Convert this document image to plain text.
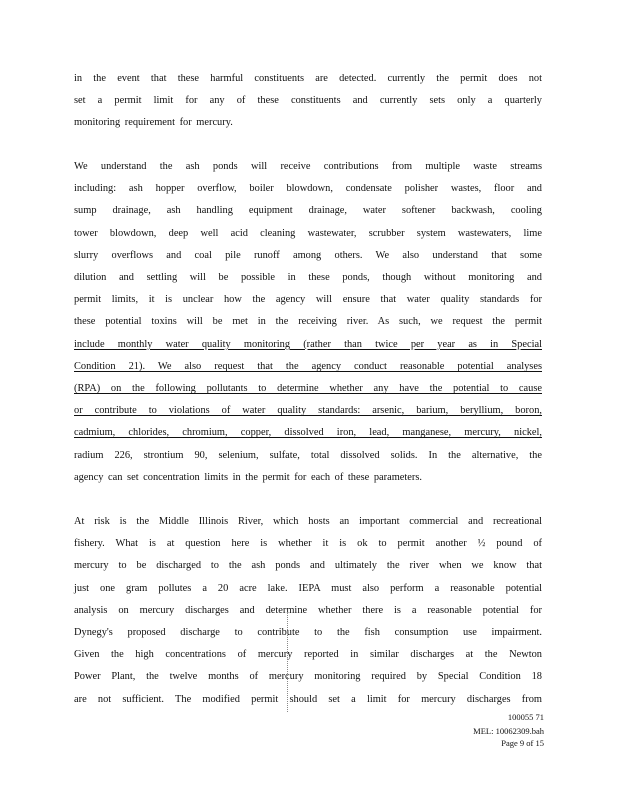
in the event that these harmful constituents are detected. currently the permit does not
set a permit limit for any of these constituents and currently sets only a quarterly
monitoring requirement for mercury.
We understand the ash ponds will receive contributions from multiple waste streams
including: ash hopper overflow, boiler blowdown, condensate polisher wastes, floor and
sump drainage, ash handling equipment drainage, water softener backwash, cooling
tower blowdown, deep well acid cleaning wastewater, scrubber system wastewaters, lime
slurry overflows and coal pile runoff among others. We also understand that some
dilution and settling will be possible in these ponds, though without monitoring and
permit limits, it is unclear how the agency will ensure that water quality standards for
these potential toxins will be met in the receiving river. As such, we request the permit
include monthly water quality monitoring (rather than twice per year as in Special
Condition 21). We also request that the agency conduct reasonable potential analyses
(RPA) on the following pollutants to determine whether any have the potential to cause
or contribute to violations of water quality standards: arsenic, barium, beryllium, boron,
cadmium, chlorides, chromium, copper, dissolved iron, lead, manganese, mercury, nickel,
radium 226, strontium 90, selenium, sulfate, total dissolved solids. In the alternative, the
agency can set concentration limits in the permit for each of these parameters.
At risk is the Middle Illinois River, which hosts an important commercial and recreational
fishery. What is at question here is whether it is ok to permit another ½ pound of
mercury to be discharged to the ash ponds and ultimately the river when we know that
just one gram pollutes a 20 acre lake. IEPA must also perform a reasonable potential
analysis on mercury discharges and determine whether there is a reasonable potential for
Dynegy's proposed discharge to contribute to the fish consumption use impairment.
Given the high concentrations of mercury reported in similar discharges at the Newton
Power Plant, the twelve months of mercury monitoring required by Special Condition 18
are not sufficient. The modified permit should set a limit for mercury discharges from
100055 71
MEL: 10062309.bah
Page 9 of 15
